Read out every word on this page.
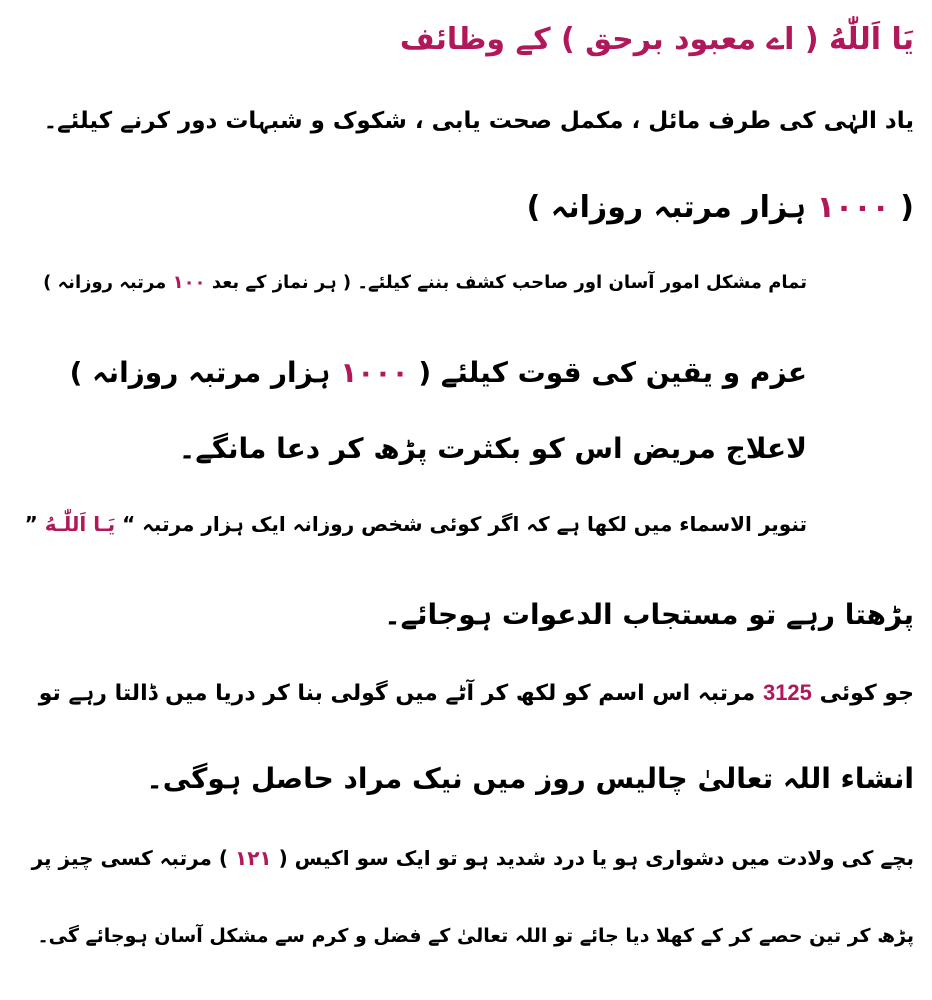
يَا اَللّٰهُ ( اے معبود برحق ) کے وظائف
یاد الہٰی کی طرف مائل ، مکمل صحت یابی ، شکوک و شبہات دور کرنے کیلئے۔
( ۱۰۰۰ ہزار مرتبہ روزانہ )
تمام مشکل امور آسان اور صاحب کشف بننے کیلئے۔ ( ہر نماز کے بعد ۱۰۰ مرتبہ روزانہ )
عزم و یقین کی قوت کیلئے ( ۱۰۰۰ ہزار مرتبہ روزانہ )
لاعلاج مریض اس کو بکثرت پڑھ کر دعا مانگے۔
تنویر الاسماء میں لکھا ہے کہ اگر کوئی شخص روزانہ ایک ہزار مرتبہ “ یَـا اَللّٰـهُ ”
پڑھتا رہے تو مستجاب الدعوات ہوجائے۔
جو کوئی 3125 مرتبہ اس اسم کو لکھ کر آٹے میں گولی بنا کر دریا میں ڈالتا رہے تو
انشاء اللہ تعالیٰ چالیس روز میں نیک مراد حاصل ہوگی۔
بچے کی ولادت میں دشواری ہو یا درد شدید ہو تو ایک سو اکیس ( ۱۲۱ ) مرتبہ کسی چیز پر
پڑھ کر تین حصے کر کے کھلا دیا جائے تو اللہ تعالیٰ کے فضل و کرم سے مشکل آسان ہوجائے گی۔
